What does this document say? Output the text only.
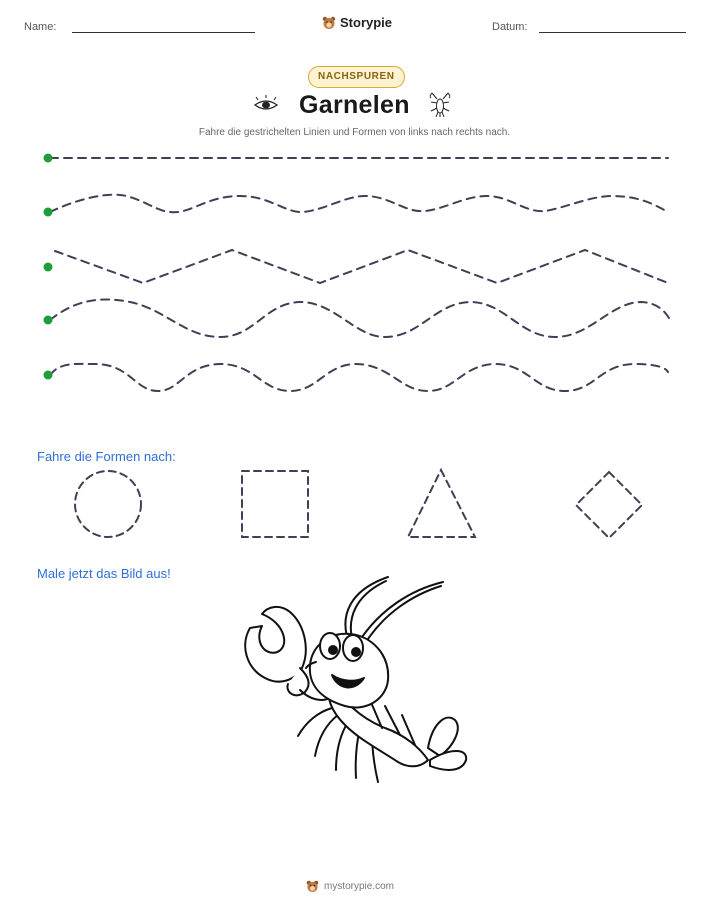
Name:	Storypie	Datum:
NACHSPUREN
Garnelen
Fahre die gestrichelten Linien und Formen von links nach rechts nach.
Fahre die Formen nach:
Male jetzt das Bild aus!
mystorypie.com
